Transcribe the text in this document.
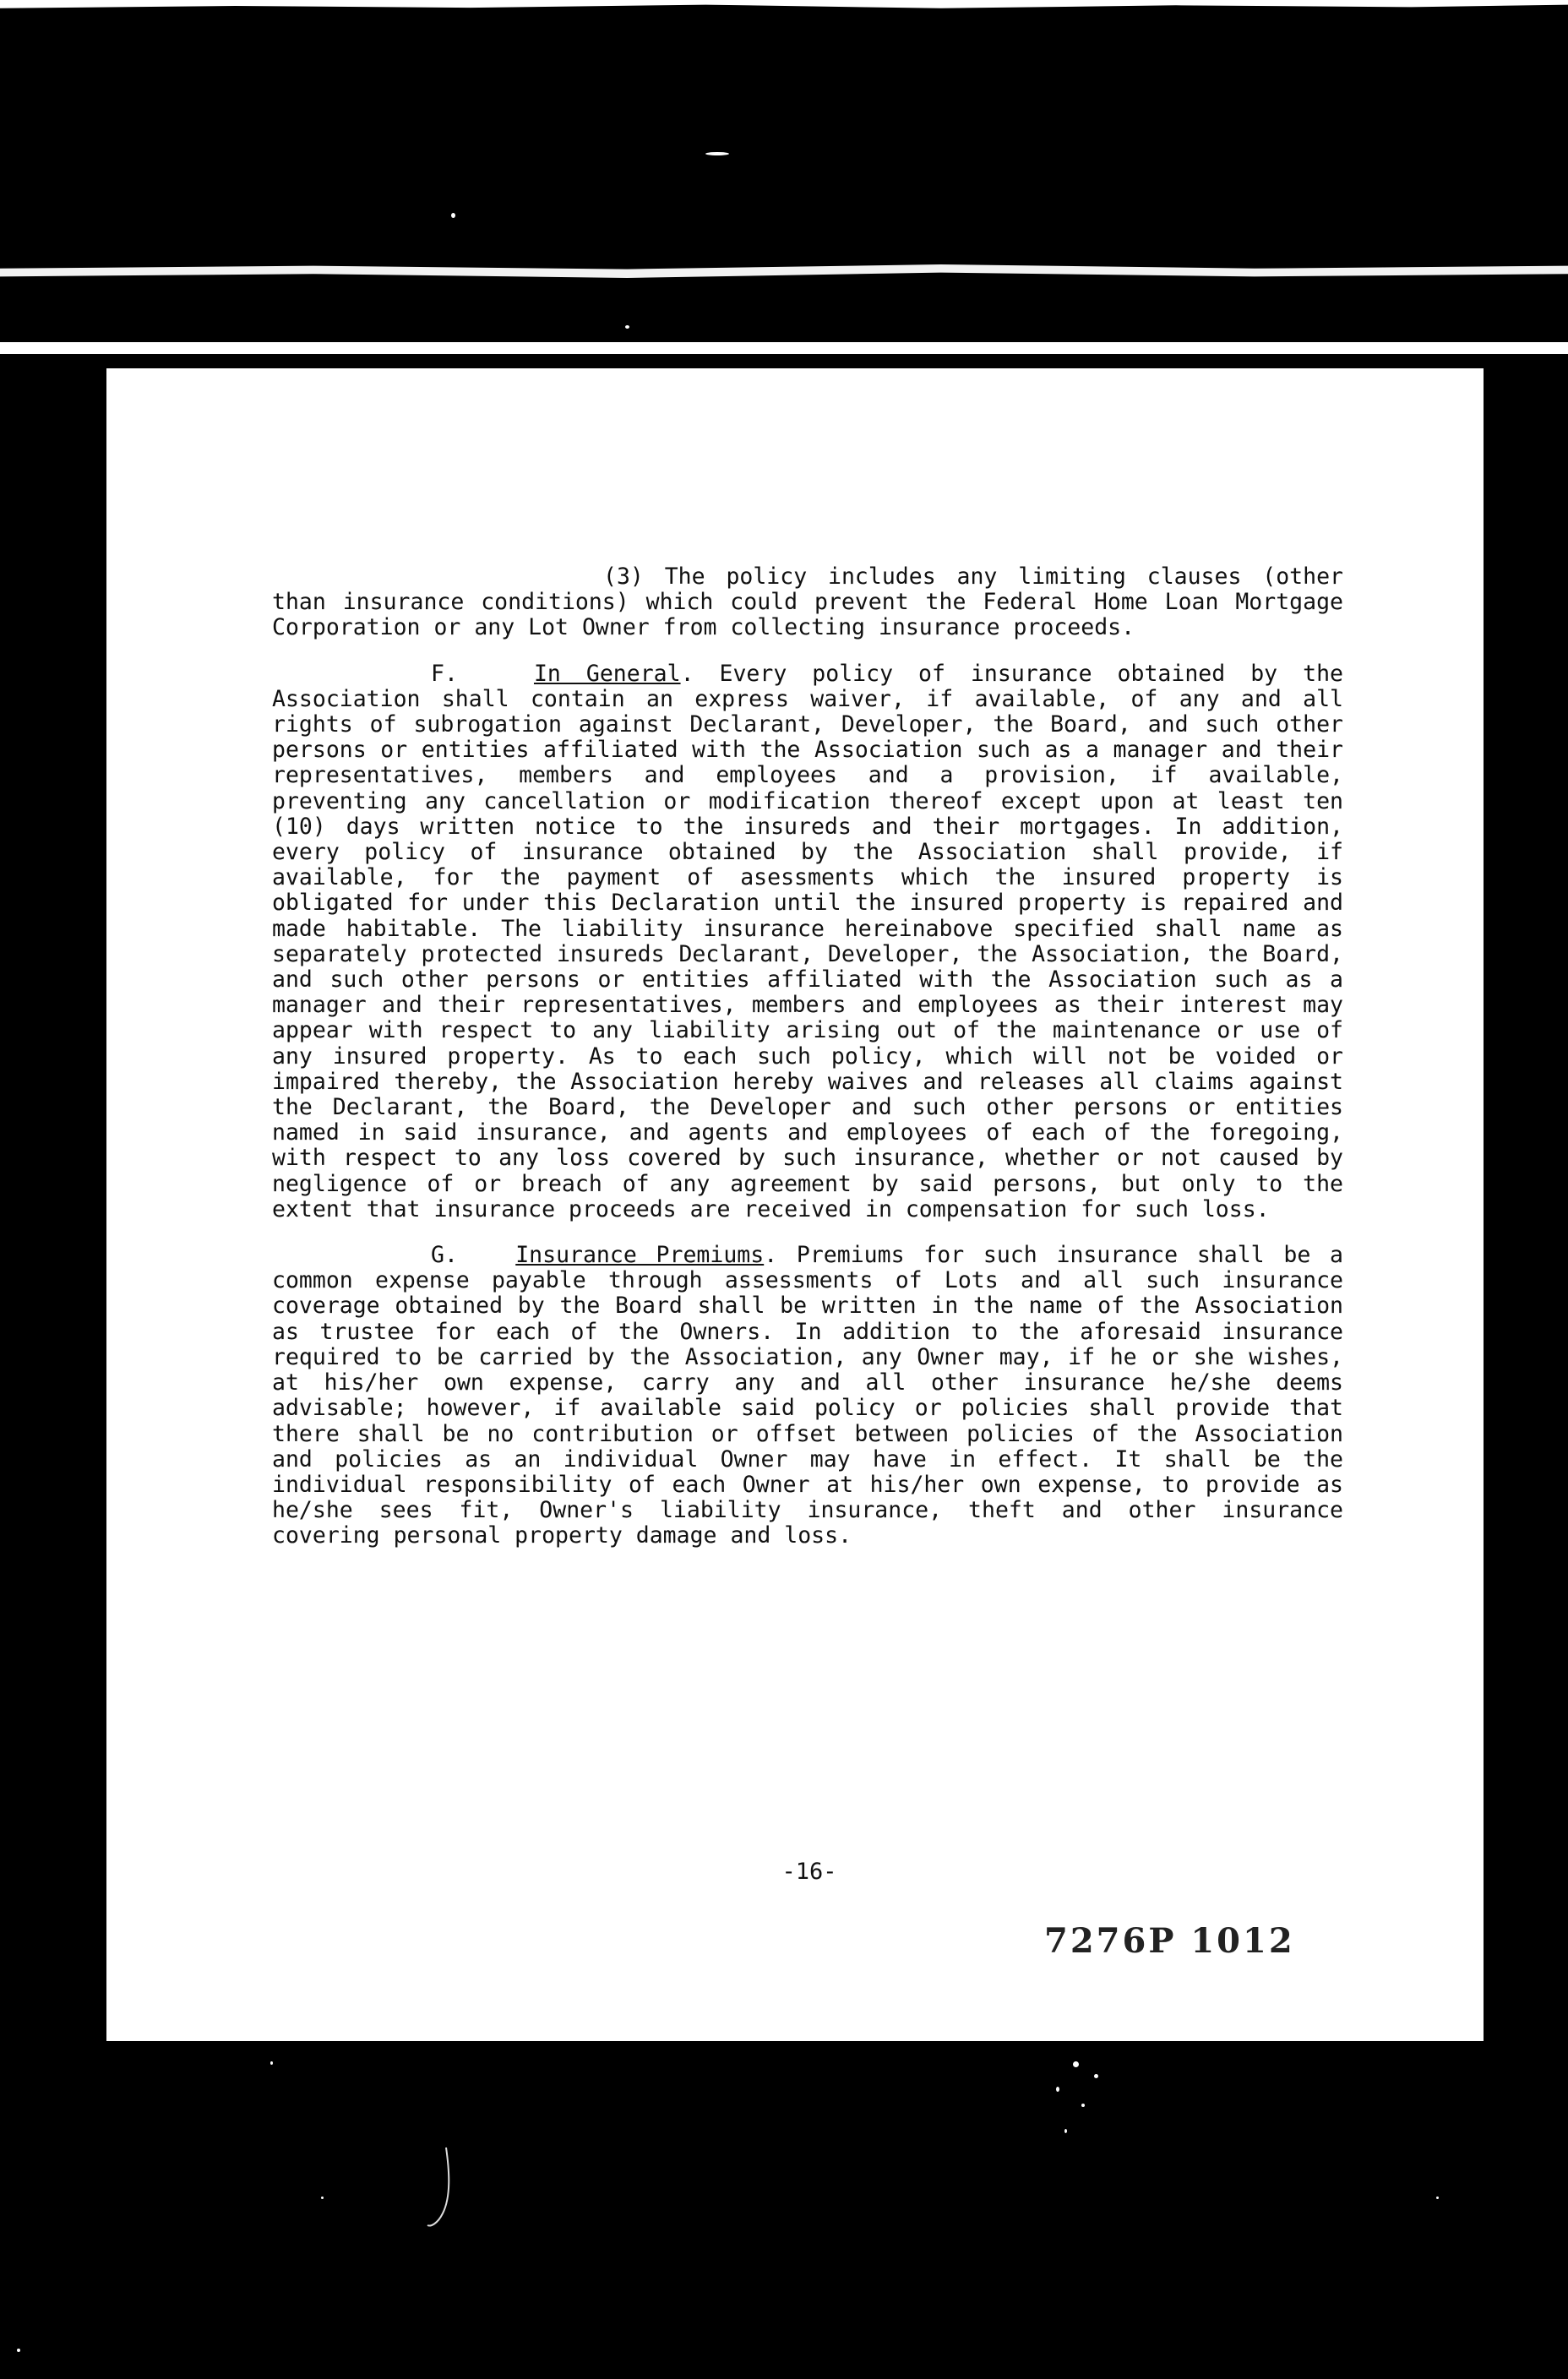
(3) The policy includes any limiting clauses (other than insurance conditions) which could prevent the Federal Home Loan Mortgage Corporation or any Lot Owner from collecting insurance proceeds.

F.	In General. Every policy of insurance obtained by the Association shall contain an express waiver, if available, of any and all rights of subrogation against Declarant, Developer, the Board, and such other persons or entities affiliated with the Association such as a manager and their representatives, members and employees and a provision, if available, preventing any cancellation or modification thereof except upon at least ten (10) days written notice to the insureds and their mortgages. In addition, every policy of insurance obtained by the Association shall provide, if available, for the payment of asessments which the insured property is obligated for under this Declaration until the insured property is repaired and made habitable. The liability insurance hereinabove specified shall name as separately protected insureds Declarant, Developer, the Association, the Board, and such other persons or entities affiliated with the Association such as a manager and their representatives, members and employees as their interest may appear with respect to any liability arising out of the maintenance or use of any insured property. As to each such policy, which will not be voided or impaired thereby, the Association hereby waives and releases all claims against the Declarant, the Board, the Developer and such other persons or entities named in said insurance, and agents and employees of each of the foregoing, with respect to any loss covered by such insurance, whether or not caused by negligence of or breach of any agreement by said persons, but only to the extent that insurance proceeds are received in compensation for such loss.

G.	Insurance Premiums. Premiums for such insurance shall be a common expense payable through assessments of Lots and all such insurance coverage obtained by the Board shall be written in the name of the Association as trustee for each of the Owners. In addition to the aforesaid insurance required to be carried by the Association, any Owner may, if he or she wishes, at his/her own expense, carry any and all other insurance he/she deems advisable; however, if available said policy or policies shall provide that there shall be no contribution or offset between policies of the Association and policies as an individual Owner may have in effect. It shall be the individual responsibility of each Owner at his/her own expense, to provide as he/she sees fit, Owner's liability insurance, theft and other insurance covering personal property damage and loss.

-16-
7276P 1012
